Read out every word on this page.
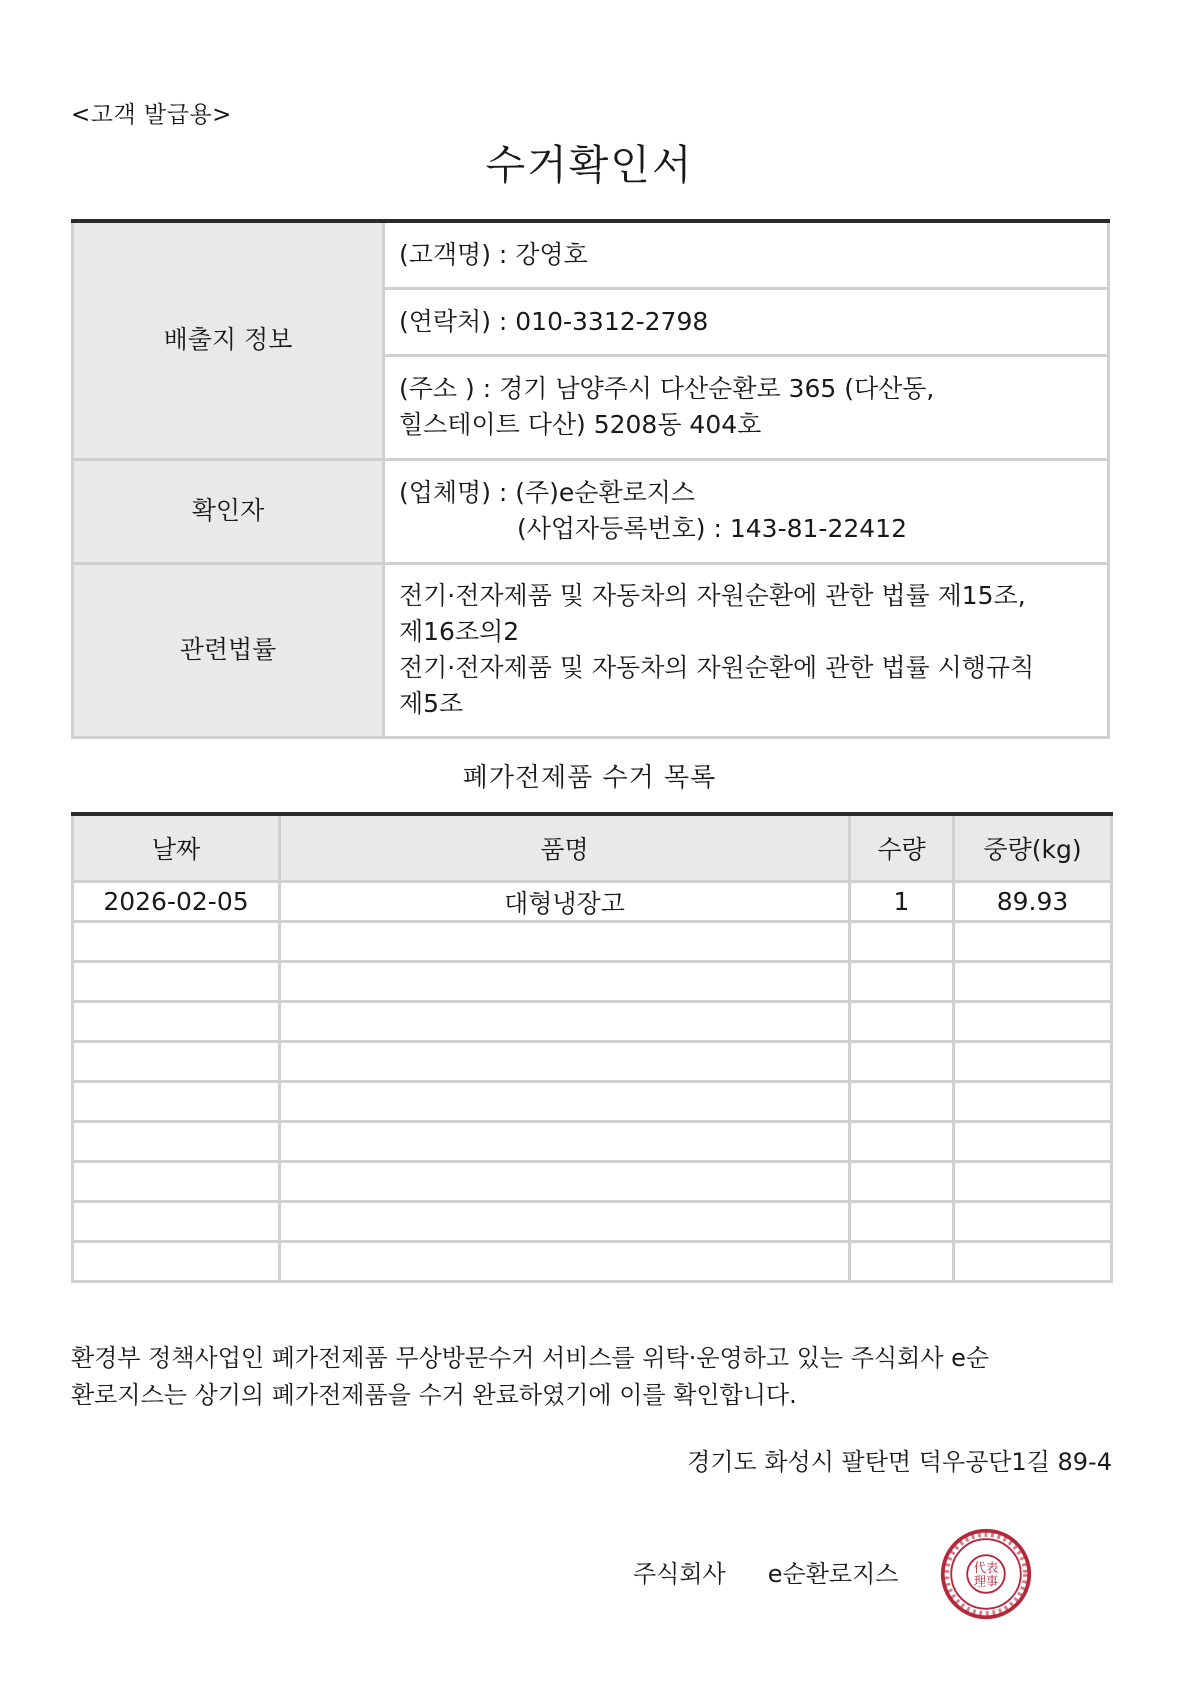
<고객 발급용>
수거확인서
배출지 정보	(고객명) : 강영호
	(연락처) : 010-3312-2798

	(주소 ) : 경기 남양주시 다산순환로 365 (다산동,
힐스테이트 다산) 5208동 404호

확인자	(업체명) : (주)e순환로지스
(사업자등록번호) : 143-81-22412

관련법률	전기·전자제품 및 자동차의 자원순환에 관한 법률 제15조,
제16조의2
전기·전자제품 및 자동차의 자원순환에 관한 법률 시행규칙
제5조
폐가전제품 수거 목록
날짜	품명	수량	중량(kg)
2026-02-05	대형냉장고	1	89.93

환경부 정책사업인 폐가전제품 무상방문수거 서비스를 위탁·운영하고 있는 주식회사 e순
환로지스는 상기의 폐가전제품을 수거 완료하였기에 이를 확인합니다.
경기도 화성시 팔탄면 덕우공단1길 89-4
주식회사 e순환로지스	代表
理事
